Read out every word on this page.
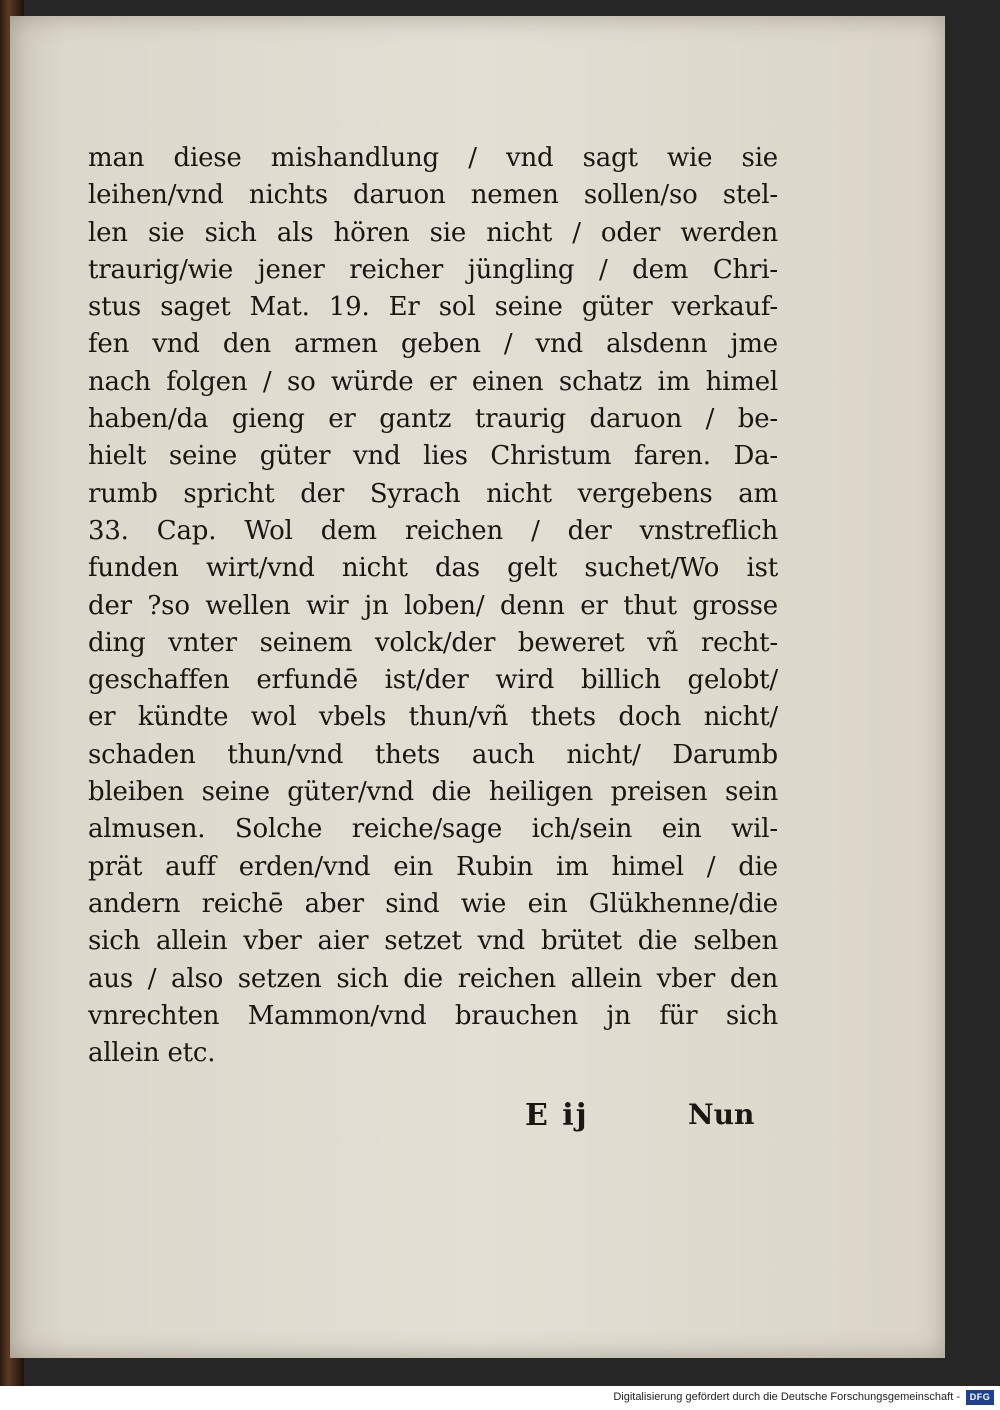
man diese mishandlung / vnd sagt wie sie
leihen/vnd nichts daruon nemen sollen/so stel-
len sie sich als hören sie nicht / oder werden
traurig/wie jener reicher jüngling / dem Chri-
stus saget Mat. 19. Er sol seine güter verkauf-
fen vnd den armen geben / vnd alsdenn jme
nach folgen / so würde er einen schatz im himel
haben/da gieng er gantz traurig daruon / be-
hielt seine güter vnd lies Christum faren. Da-
rumb spricht der Syrach nicht vergebens am
33. Cap. Wol dem reichen / der vnstreflich
funden wirt/vnd nicht das gelt suchet/Wo ist
der ?so wellen wir jn loben/ denn er thut grosse
ding vnter seinem volck/der beweret vñ recht-
geschaffen erfundē ist/der wird billich gelobt/
er kündte wol vbels thun/vñ thets doch nicht/
schaden thun/vnd thets auch nicht/ Darumb
bleiben seine güter/vnd die heiligen preisen sein
almusen. Solche reiche/sage ich/sein ein wil-
prät auff erden/vnd ein Rubin im himel / die
andern reichē aber sind wie ein Glükhenne/die
sich allein vber aier setzet vnd brütet die selben
aus / also setzen sich die reichen allein vber den
vnrechten Mammon/vnd brauchen jn für sich
allein etc.
E ij	Nun
Digitalisierung gefördert durch die Deutsche Forschungsgemeinschaft -	DFG
